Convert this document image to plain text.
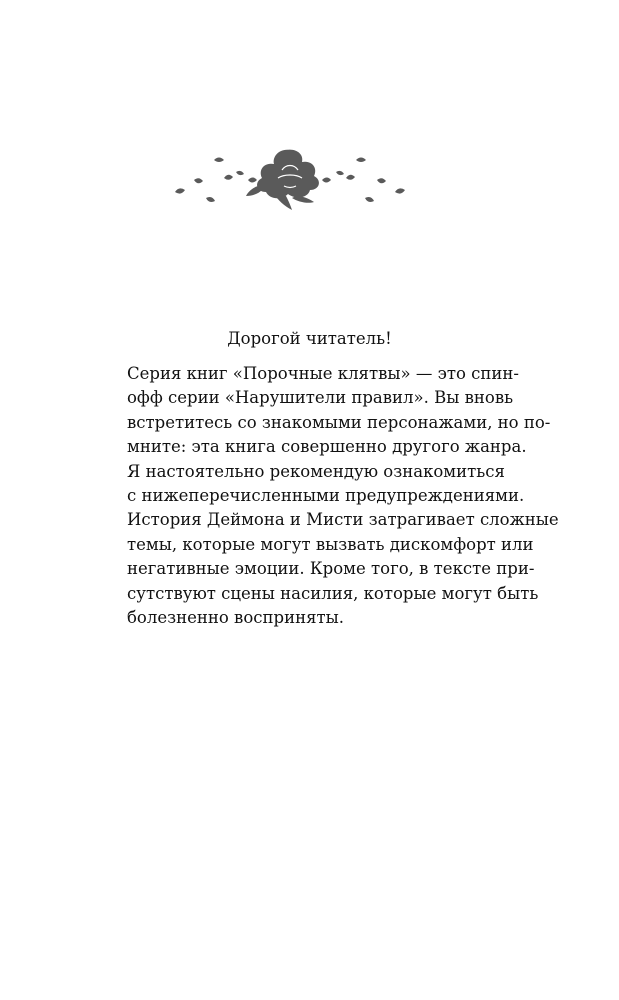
Дорогой читатель!

Серия книг «Порочные клятвы» — это спин-
офф серии «Нарушители правил». Вы вновь
встретитесь со знакомыми персонажами, но по-
мните: эта книга совершенно другого жанра.

Я настоятельно рекомендую ознакомиться
с нижеперечисленными предупреждениями.
История Деймона и Мисти затрагивает сложные
темы, которые могут вызвать дискомфорт или
негативные эмоции. Кроме того, в тексте при-
сутствуют сцены насилия, которые могут быть
болезненно восприняты.
